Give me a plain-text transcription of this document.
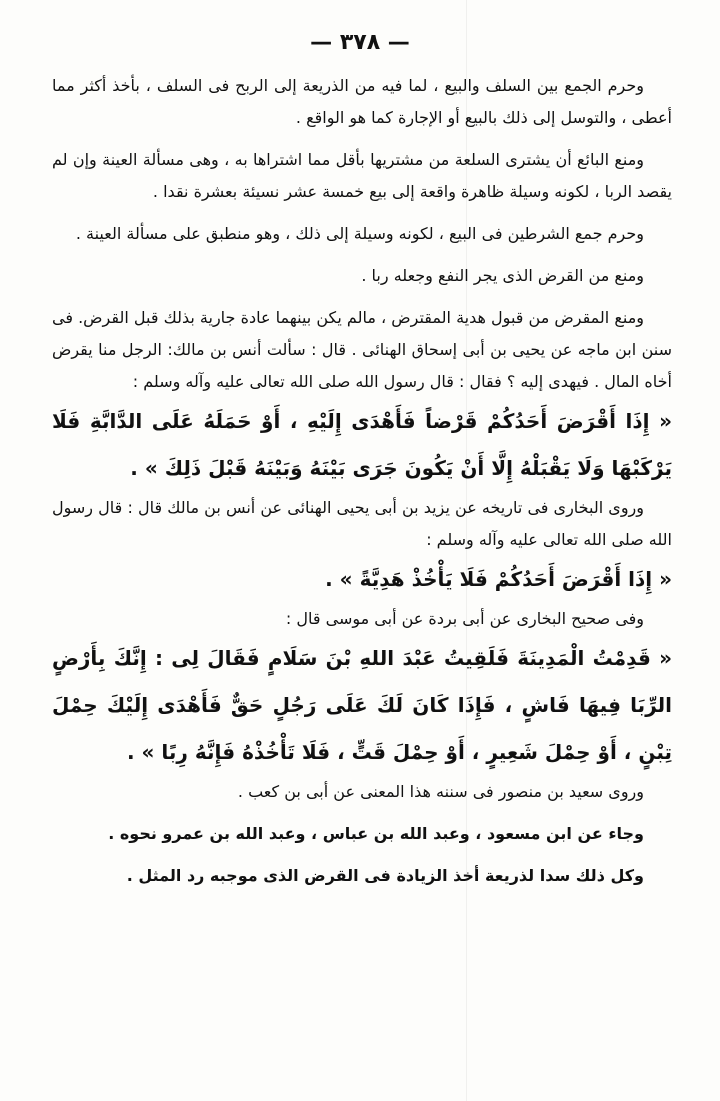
— ٣٧٨ —

وحرم الجمع بين السلف والبيع ، لما فيه من الذريعة إلى الربح فى السلف ، بأخذ أكثر مما أعطى ، والتوسل إلى ذلك بالبيع أو الإجارة كما هو الواقع .

ومنع البائع أن يشترى السلعة من مشتريها بأقل مما اشتراها به ، وهى مسألة العينة وإن لم يقصد الربا ، لكونه وسيلة ظاهرة واقعة إلى بيع خمسة عشر نسيئة بعشرة نقدا .

وحرم جمع الشرطين فى البيع ، لكونه وسيلة إلى ذلك ، وهو منطبق على مسألة العينة .

ومنع من القرض الذى يجر النفع وجعله ربا .

ومنع المقرض من قبول هدية المقترض ، مالم يكن بينهما عادة جارية بذلك قبل القرض. فى سنن ابن ماجه عن يحيى بن أبى إسحاق الهنائى . قال : سألت أنس بن مالك: الرجل منا يقرض أخاه المال . فيهدى إليه ؟ فقال : قال رسول الله صلى الله تعالى عليه وآله وسلم :

« إِذَا أَقْرَضَ أَحَدُكُمْ قَرْضاً فَأَهْدَى إِلَيْهِ ، أَوْ حَمَلَهُ عَلَى الدَّابَّةِ فَلَا يَرْكَبْهَا وَلَا يَقْبَلْهُ إِلَّا أَنْ يَكُونَ جَرَى بَيْنَهُ وَبَيْنَهُ قَبْلَ ذَلِكَ » .

وروى البخارى فى تاريخه عن يزيد بن أبى يحيى الهنائى عن أنس بن مالك قال : قال رسول الله صلى الله تعالى عليه وآله وسلم :

« إِذَا أَقْرَضَ أَحَدُكُمْ فَلَا يَأْخُذْ هَدِيَّةً » .

وفى صحيح البخارى عن أبى بردة عن أبى موسى قال :

« قَدِمْتُ الْمَدِينَةَ فَلَقِيتُ عَبْدَ اللهِ بْنَ سَلَامٍ فَقَالَ لِى : إِنَّكَ بِأَرْضٍ الرِّبَا فِيهَا فَاشٍ ، فَإِذَا كَانَ لَكَ عَلَى رَجُلٍ حَقٌّ فَأَهْدَى إِلَيْكَ حِمْلَ تِبْنٍ ، أَوْ حِمْلَ شَعِيرٍ ، أَوْ حِمْلَ قَتٍّ ، فَلَا تَأْخُذْهُ فَإِنَّهُ رِبًا » .

وروى سعيد بن منصور فى سننه هذا المعنى عن أبى بن كعب .

وجاء عن ابن مسعود ، وعبد الله بن عباس ، وعبد الله بن عمرو نحوه .

وكل ذلك سدا لذريعة أخذ الزيادة فى القرض الذى موجبه رد المثل .
